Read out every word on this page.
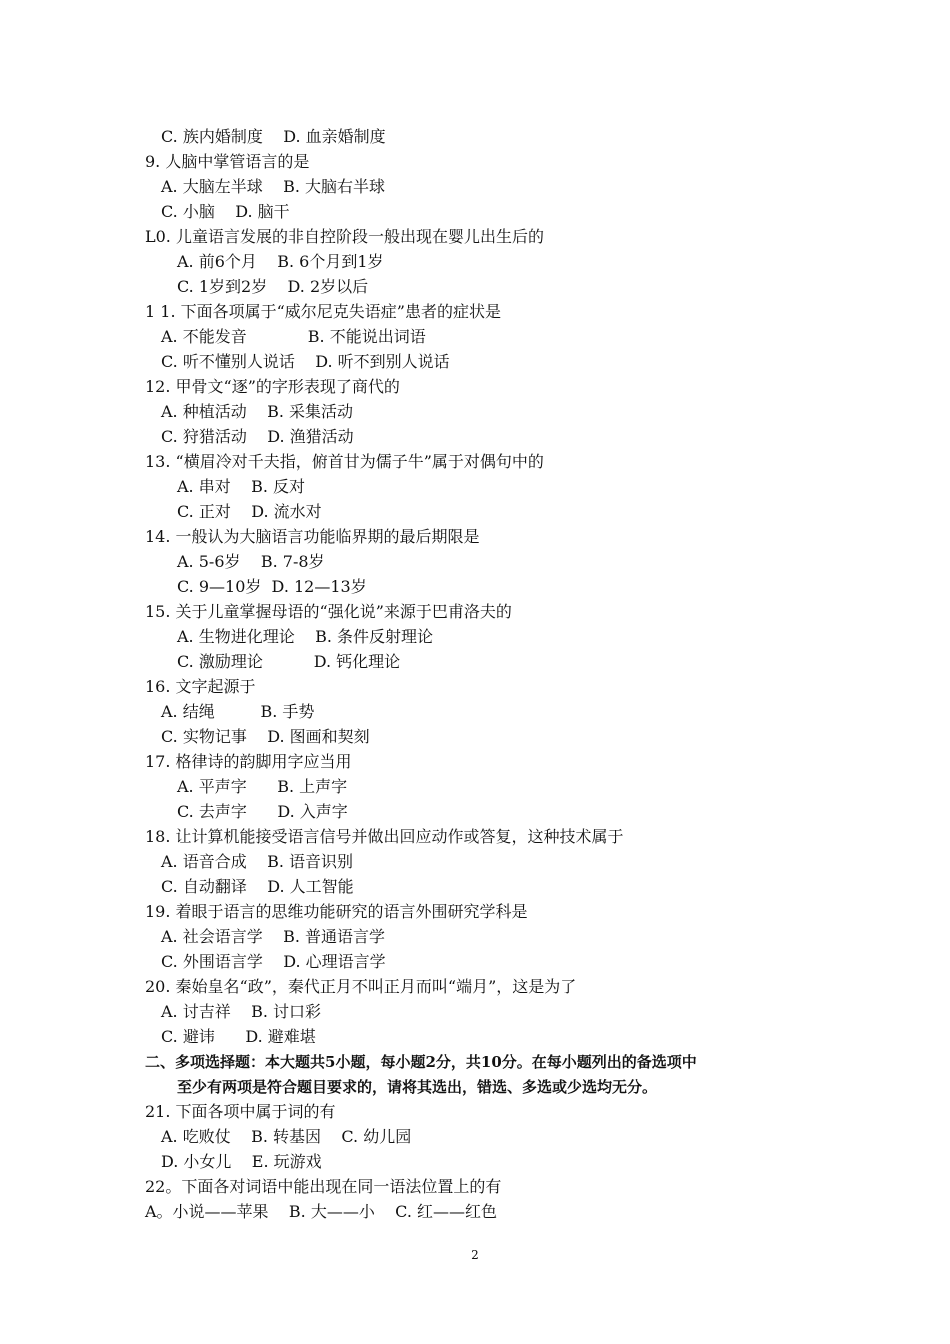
C. 族内婚制度    D. 血亲婚制度
9. 人脑中掌管语言的是
A. 大脑左半球    B. 大脑右半球
C. 小脑    D. 脑干
L0. 儿童语言发展的非自控阶段一般出现在婴儿出生后的
A. 前6个月    B. 6个月到1岁
C. 1岁到2岁    D. 2岁以后
1 1. 下面各项属于“威尔尼克失语症”患者的症状是
A. 不能发音            B. 不能说出词语
C. 听不懂别人说话    D. 听不到别人说话
12. 甲骨文“逐”的字形表现了商代的
A. 种植活动    B. 采集活动
C. 狩猎活动    D. 渔猎活动
13. “横眉冷对千夫指，俯首甘为儒子牛”属于对偶句中的
A. 串对    B. 反对
C. 正对    D. 流水对
14. 一般认为大脑语言功能临界期的最后期限是
A. 5-6岁    B. 7-8岁
C. 9—10岁  D. 12—13岁
15. 关于儿童掌握母语的“强化说”来源于巴甫洛夫的
A. 生物进化理论    B. 条件反射理论
C. 激励理论          D. 钙化理论
16. 文字起源于
A. 结绳         B. 手势
C. 实物记事    D. 图画和契刻
17. 格律诗的韵脚用字应当用
A. 平声字      B. 上声字
C. 去声字      D. 入声字
18. 让计算机能接受语言信号并做出回应动作或答复，这种技术属于
A. 语音合成    B. 语音识别
C. 自动翻译    D. 人工智能
19. 着眼于语言的思维功能研究的语言外围研究学科是
A. 社会语言学    B. 普通语言学
C. 外围语言学    D. 心理语言学
20. 秦始皇名“政”，秦代正月不叫正月而叫“端月”，这是为了
A. 讨吉祥    B. 讨口彩
C. 避讳      D. 避难堪
二、多项选择题：本大题共5小题，每小题2分，共10分。在每小题列出的备选项中
至少有两项是符合题目要求的，请将其选出，错选、多选或少选均无分。
21. 下面各项中属于词的有
A. 吃败仗    B. 转基因    C. 幼儿园
D. 小女儿    E. 玩游戏
22。下面各对词语中能出现在同一语法位置上的有
A。小说——苹果    B. 大——小    C. 红——红色
2
